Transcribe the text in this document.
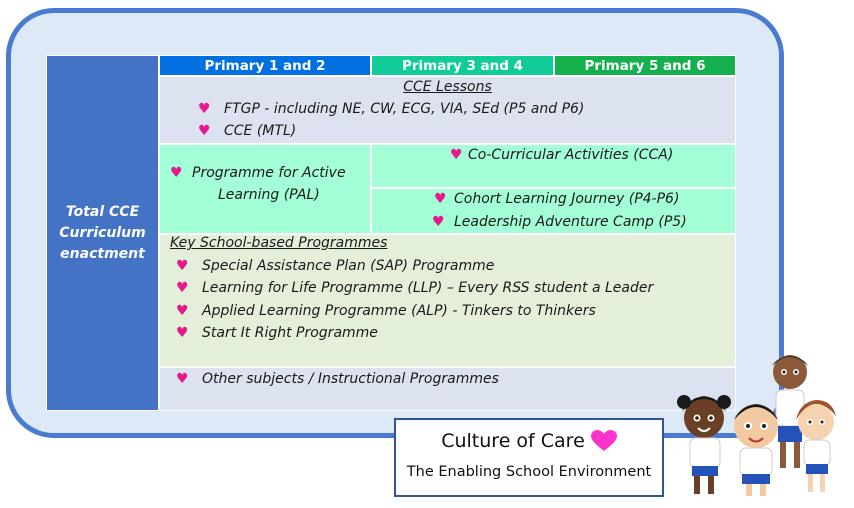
Total CCE
Curriculum
enactment
Primary 1 and 2	Primary 3 and 4	Primary 5 and 6
CCE Lessons
♥ FTGP - including NE, CW, ECG, VIA, SEd (P5 and P6)
♥ CCE (MTL)
♥ Programme for Active
Learning (PAL)
♥ Co-Curricular Activities (CCA)
♥ Cohort Learning Journey (P4-P6)
♥ Leadership Adventure Camp (P5)
Key School-based Programmes
♥ Special Assistance Plan (SAP) Programme
♥ Learning for Life Programme (LLP) – Every RSS student a Leader
♥ Applied Learning Programme (ALP) - Tinkers to Thinkers
♥ Start It Right Programme
♥ Other subjects / Instructional Programmes
Culture of Care
The Enabling School Environment
